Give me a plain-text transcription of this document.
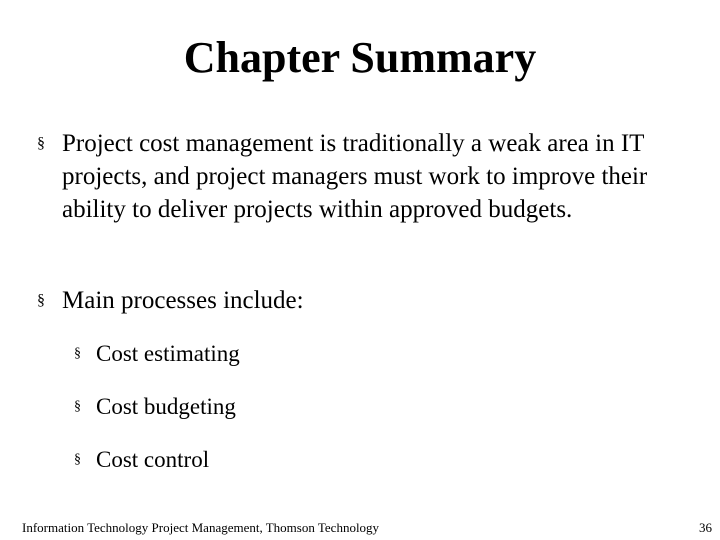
Chapter Summary
§ Project cost management is traditionally a weak area in IT projects, and project managers must work to improve their ability to deliver projects within approved budgets.

§ Main processes include:

§ Cost estimating

§ Cost budgeting

§ Cost control

Information Technology Project Management, Thomson Technology	36
